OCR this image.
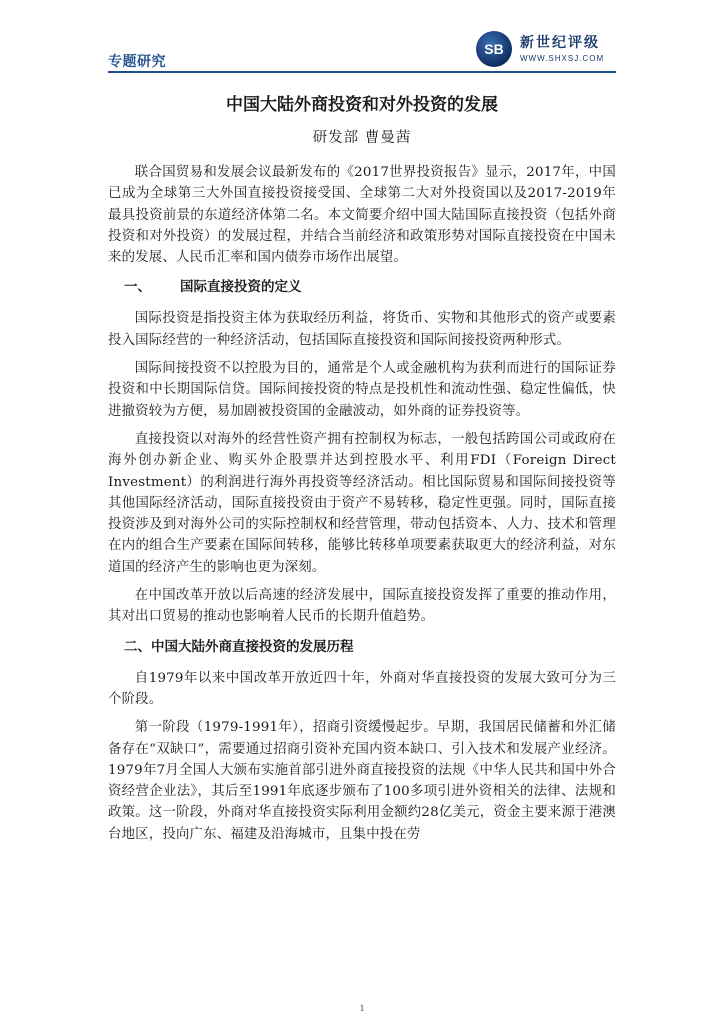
专题研究
SB	新世纪评级
WWW.SHXSJ.COM
中国大陆外商投资和对外投资的发展
研发部 曹曼茜

联合国贸易和发展会议最新发布的《2017世界投资报告》显示，2017年，中国已成为全球第三大外国直接投资接受国、全球第二大对外投资国以及2017-2019年最具投资前景的东道经济体第二名。本文简要介绍中国大陆国际直接投资（包括外商投资和对外投资）的发展过程，并结合当前经济和政策形势对国际直接投资在中国未来的发展、人民币汇率和国内债券市场作出展望。

一、 国际直接投资的定义

国际投资是指投资主体为获取经历利益，将货币、实物和其他形式的资产或要素投入国际经营的一种经济活动，包括国际直接投资和国际间接投资两种形式。

国际间接投资不以控股为目的，通常是个人或金融机构为获利而进行的国际证券投资和中长期国际信贷。国际间接投资的特点是投机性和流动性强、稳定性偏低，快进撤资较为方便，易加剧被投资国的金融波动，如外商的证券投资等。

直接投资以对海外的经营性资产拥有控制权为标志，一般包括跨国公司或政府在海外创办新企业、购买外企股票并达到控股水平、利用FDI（Foreign Direct Investment）的利润进行海外再投资等经济活动。相比国际贸易和国际间接投资等其他国际经济活动，国际直接投资由于资产不易转移，稳定性更强。同时，国际直接投资涉及到对海外公司的实际控制权和经营管理，带动包括资本、人力、技术和管理在内的组合生产要素在国际间转移，能够比转移单项要素获取更大的经济利益，对东道国的经济产生的影响也更为深刻。

在中国改革开放以后高速的经济发展中，国际直接投资发挥了重要的推动作用，其对出口贸易的推动也影响着人民币的长期升值趋势。

二、中国大陆外商直接投资的发展历程

自1979年以来中国改革开放近四十年，外商对华直接投资的发展大致可分为三个阶段。

第一阶段（1979-1991年），招商引资缓慢起步。早期，我国居民储蓄和外汇储备存在“双缺口”，需要通过招商引资补充国内资本缺口、引入技术和发展产业经济。1979年7月全国人大颁布实施首部引进外商直接投资的法规《中华人民共和国中外合资经营企业法》，其后至1991年底逐步颁布了100多项引进外资相关的法律、法规和政策。这一阶段，外商对华直接投资实际利用金额约28亿美元，资金主要来源于港澳台地区，投向广东、福建及沿海城市，且集中投在劳

1
